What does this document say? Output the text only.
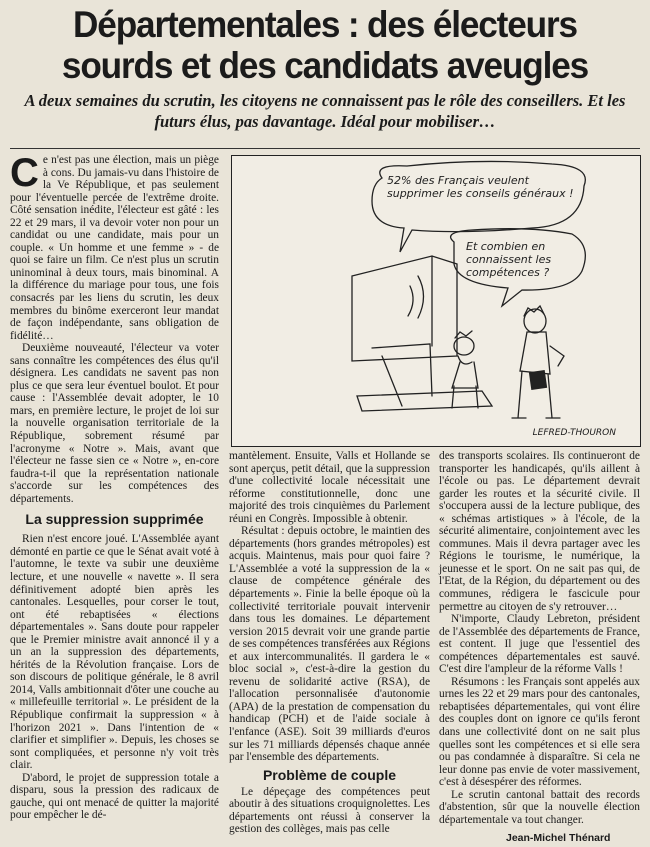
Départementales : des électeurs
sourds et des candidats aveugles

A deux semaines du scrutin, les citoyens ne connaissent pas le rôle des conseillers. Et les futurs élus, pas davantage. Idéal pour mobiliser…

Ce n'est pas une élection, mais un piège à cons. Du jamais-vu dans l'histoire de la Ve République, et pas seulement pour l'éventuelle percée de l'extrême droite. Côté sensation inédite, l'électeur est gâté : les 22 et 29 mars, il va devoir voter non pour un candidat ou une candidate, mais pour un couple. « Un homme et une femme » - de quoi se faire un film. Ce n'est plus un scrutin uninominal à deux tours, mais binominal. A la différence du mariage pour tous, une fois consacrés par les liens du scrutin, les deux membres du binôme exerceront leur mandat de façon indépendante, sans obligation de fidélité…

Deuxième nouveauté, l'électeur va voter sans connaître les compétences des élus qu'il désignera. Les candidats ne savent pas non plus ce que sera leur éventuel boulot. Et pour cause : l'Assemblée devait adopter, le 10 mars, en première lecture, le projet de loi sur la nouvelle organisation territoriale de la République, sobrement résumé par l'acronyme « Notre ». Mais, avant que l'électeur ne fasse sien ce « Notre », en-core faudra-t-il que la représentation nationale s'accorde sur les compétences des départements.

La suppression supprimée

Rien n'est encore joué. L'Assemblée ayant démonté en partie ce que le Sénat avait voté à l'automne, le texte va subir une deuxième lecture, et une nouvelle « navette ». Il sera définitivement adopté bien après les cantonales. Lesquelles, pour corser le tout, ont été rebaptisées « élections départementales ». Sans doute pour rappeler que le Premier ministre avait annoncé il y a un an la suppression des départements, hérités de la Révolution française. Lors de son discours de politique générale, le 8 avril 2014, Valls ambitionnait d'ôter une couche au « millefeuille territorial ». Le président de la République confirmait la suppression « à l'horizon 2021 ». Dans l'intention de « clarifier et simplifier ». Depuis, les choses se sont compliquées, et personne n'y voit très clair.

D'abord, le projet de suppression totale a disparu, sous la pression des radicaux de gauche, qui ont menacé de quitter la majorité pour empêcher le dé-

52% des Français veulent supprimer les conseils généraux !
Et combien en connaissent les compétences ?
LEFRED-THOURON

mantèlement. Ensuite, Valls et Hollande se sont aperçus, petit détail, que la suppression d'une collectivité locale nécessitait une réforme constitutionnelle, donc une majorité des trois cinquièmes du Parlement réuni en Congrès. Impossible à obtenir.

Résultat : depuis octobre, le maintien des départements (hors grandes métropoles) est acquis. Maintenus, mais pour quoi faire ? L'Assemblée a voté la suppression de la « clause de compétence générale des départements ». Finie la belle époque où la collectivité territoriale pouvait intervenir dans tous les domaines. Le département version 2015 devrait voir une grande partie de ses compétences transférées aux Régions et aux intercommunalités. Il gardera le « bloc social », c'est-à-dire la gestion du revenu de solidarité active (RSA), de l'allocation personnalisée d'autonomie (APA) de la prestation de compensation du handicap (PCH) et de l'aide sociale à l'enfance (ASE). Soit 39 milliards d'euros sur les 71 milliards dépensés chaque année par l'ensemble des départements.

Problème de couple

Le dépeçage des compétences peut aboutir à des situations croquignolettes. Les départements ont réussi à conserver la gestion des collèges, mais pas celle

des transports scolaires. Ils continueront de transporter les handicapés, qu'ils aillent à l'école ou pas. Le département devrait garder les routes et la sécurité civile. Il s'occupera aussi de la lecture publique, des « schémas artistiques » à l'école, de la sécurité alimentaire, conjointement avec les communes. Mais il devra partager avec les Régions le tourisme, le numérique, la jeunesse et le sport. On ne sait pas qui, de l'Etat, de la Région, du département ou des communes, rédigera le fascicule pour permettre au citoyen de s'y retrouver…

N'importe, Claudy Lebreton, président de l'Assemblée des départements de France, est content. Il juge que l'essentiel des compétences départementales est sauvé. C'est dire l'ampleur de la réforme Valls !

Résumons : les Français sont appelés aux urnes les 22 et 29 mars pour des cantonales, rebaptisées départementales, qui vont élire des couples dont on ignore ce qu'ils feront dans une collectivité dont on ne sait plus quelles sont les compétences et si elle sera ou pas condamnée à disparaître. Si cela ne leur donne pas envie de voter massivement, c'est à désespérer des réformes.

Le scrutin cantonal battait des records d'abstention, sûr que la nouvelle élection départementale va tout changer.

Jean-Michel Thénard
